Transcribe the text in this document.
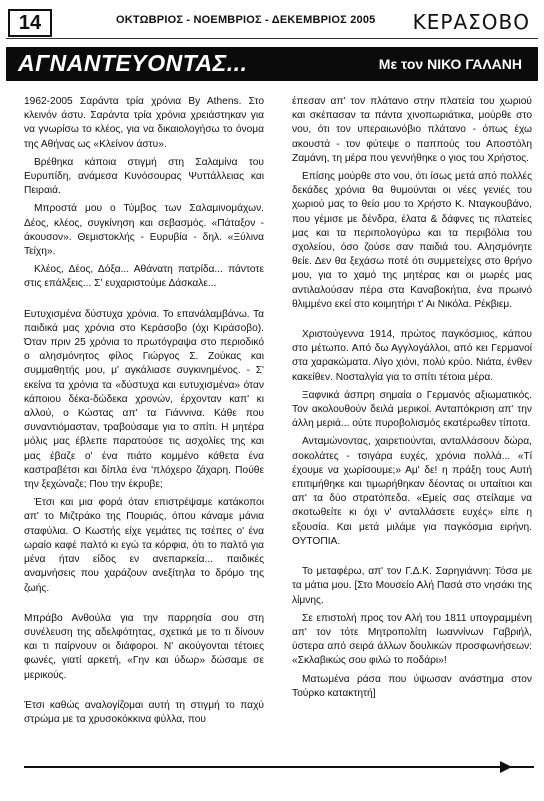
14	ΟΚΤΩΒΡΙΟΣ - ΝΟΕΜΒΡΙΟΣ - ΔΕΚΕΜΒΡΙΟΣ 2005 ΚΕΡΑΣΟΒΟ
ΑΓΝΑΝΤΕΥΟΝΤΑΣ...	Με τον ΝΙΚΟ ΓΑΛΑΝΗ

1962-2005 Σαράντα τρία χρόνια By Athens. Στο κλεινόν άστυ. Σαράντα τρία χρόνια χρειάστηκαν για να γνωρίσω το κλέος, για να δικαιολογήσω το όνομα της Αθήνας ως «Κλείνον άστυ».

Βρέθηκα κάποια στιγμή στη Σαλαμίνα του Ευρυπίδη, ανάμεσα Κυνόσουρας Ψυττάλλειας και Πειραιά.

Μπροστά μου ο Τύμβος των Σαλαμινομάχων. Δέος, κλέος, συγκίνηση και σεβασμός. «Πάταξον - άκουσον». Θεμιστοκλής - Ευρυβία - δηλ. «Ξύλινα Τείχη».

Κλέος, Δέος, Δόξα... Αθάνατη πατρίδα... πάντοτε στις επάλξεις... Σ' ευχαριστούμε Δάσκαλε...

Ευτυχισμένα δύστυχα χρόνια. Το επανάλαμβάνω. Τα παιδικά μας χρόνια στο Κεράσοβο (όχι Κιράσοβο). Όταν πριν 25 χρόνια το πρωτόγραψα στο περιοδικό ο αλησμόνητος φίλος Γιώργος Σ. Ζούκας και συμμαθητής μου, μ' αγκάλιασε συγκινημένος. - Σ' εκείνα τα χρόνια τα «δύστυχα και ευτυχισμένα» όταν κάποιου δέκα-δώδεκα χρονών, έρχονταν καπ' κι αλλού, ο Κώστας απ' τα Γιάννινα. Κάθε που συναντιόμασταν, τραβούσαμε για το σπίτι. Η μητέρα μόλις μας έβλεπε παρατούσε τις ασχολίες της και μας έβαζε ο' ένα πιάτο κομμένο κάθετα ένα καστραβέτσι και δίπλα ένα 'πλόχερο ζάχαρη. Πούθε την ξεχώναζε; Που την έκρυβε;

Έτσι και μια φορά όταν επιστρέψαμε κατάκοποι απ' το Μιζτράκο της Πουριάς, όπου κάναμε μάνια σταφύλια. Ο Κωστής είχε γεμάτες τις τσέπες ο' ένα ωραίο καφέ παλτό κι εγώ τα κόρφια, ότι το παλτό για μένα ήταν είδος εν ανεπαρκεία... παιδικές αναμνήσεις που χαράζουν ανεξίτηλα το δρόμο της ζωής.

Μπράβο Ανθούλα για την παρρησία σου στη συνέλευση της αδελφότητας, σχετικά με το τι δίνουν και τι παίρνουν οι διάφοροι. Ν' ακούγονται τέτοιες φωνές, γιατί αρκετή, «Γην και ύδωρ» δώσαμε σε μερικούς.

Έτσι καθώς αναλογίζομαι αυτή τη στιγμή το παχύ στρώμα με τα χρυσοκόκκινα φύλλα, που

έπεσαν απ' τον πλάτανο στην πλατεία του χωριού και σκέπασαν τα πάντα χινοπωριάτικα, μούρθε στο νου, ότι τον υπεραιωνόβιο πλάτανο - όπως έχω ακουστά - τον φύτεψε ο παππούς του Αποστόλη Ζαμάνη, τη μέρα που γεννήθηκε ο γιος του Χρήστος.

Επίσης μούρθε στο νου, ότι ίσως μετά από πολλές δεκάδες χρόνια θα θυμούνται οι νέες γενιές του χωριού μας το θείο μου το Χρήστο Κ. Νταγκουβάνο, που γέμισε με δένδρα, έλατα & δάφνες τις πλατείες μας και τα περιπολογύρω και τα περιβόλια του σχολείου, όσο ζούσε σαν παιδιά του. Αλησμόνητε θείε. Δεν θα ξεχάσω ποτέ ότι συμμετείχες στο θρήνο μου, για το χαμό της μητέρας και οι μωρές μας αντιλαλούσαν πέρα στα Καναβοκήτια, ένα πρωινό θλιμμένο εκεί στο κοιμητήρι τ' Αι Νικόλα. Ρέκβιεμ.

Χριστούγεννα 1914, πρώτος παγκόσμιος, κάπου στο μέτωπο. Από δω Αγγλογάλλοι, από κει Γερμανοί στα χαρακώματα. Λίγο χιόνι, πολύ κρύο. Νιάτα, ένθεν κακείθεν. Νοσταλγία για το σπίτι τέτοια μέρα.

Ξαφνικά άσπρη σημαία ο Γερμανός αξιωματικός. Τον ακολουθούν δειλά μερικοί. Ανταπόκριση απ' την άλλη μεριά... ούτε πυροβολισμός εκατέρωθεν τίποτα.

Ανταμώνοντας, χαιρετιούνται, ανταλλάσουν δώρα, σοκολάτες - τσιγάρα ευχές, χρόνια πολλά... «Τί έχουμε να χωρίσουμε;» Αμ' δε! η πράξη τους Αυτή επιτιμήθηκε και τιμωρήθηκαν δέοντας οι υπαίτιοι και απ' τα δύο στρατόπεδα. «Εμείς σας στείλαμε να σκοτωθείτε κι όχι ν' ανταλλάσετε ευχές» είπε η εξουσία. Και μετά μιλάμε για παγκόσμια ειρήνη. ΟΥΤΟΠΙΑ.

Το μεταφέρω, απ' τον Γ.Δ.Κ. Σαρηγιάννη: Τόσα με τα μάτια μου. [Στο Μουσείο Αλή Πασά στο νησάκι της λίμνης.

Σε επιστολή προς τον Αλή του 1811 υπογραμμένη απ' τον τότε Μητροπολίτη Ιωαννίνων Γαβριήλ, ύστερα από σειρά άλλων δουλικών προσφωνήσεων: «Σκλαβικώς σου φιλώ το ποδάρι»!

Ματωμένα ράσα που ύψωσαν ανάστημα στον Τούρκο κατακτητή]
